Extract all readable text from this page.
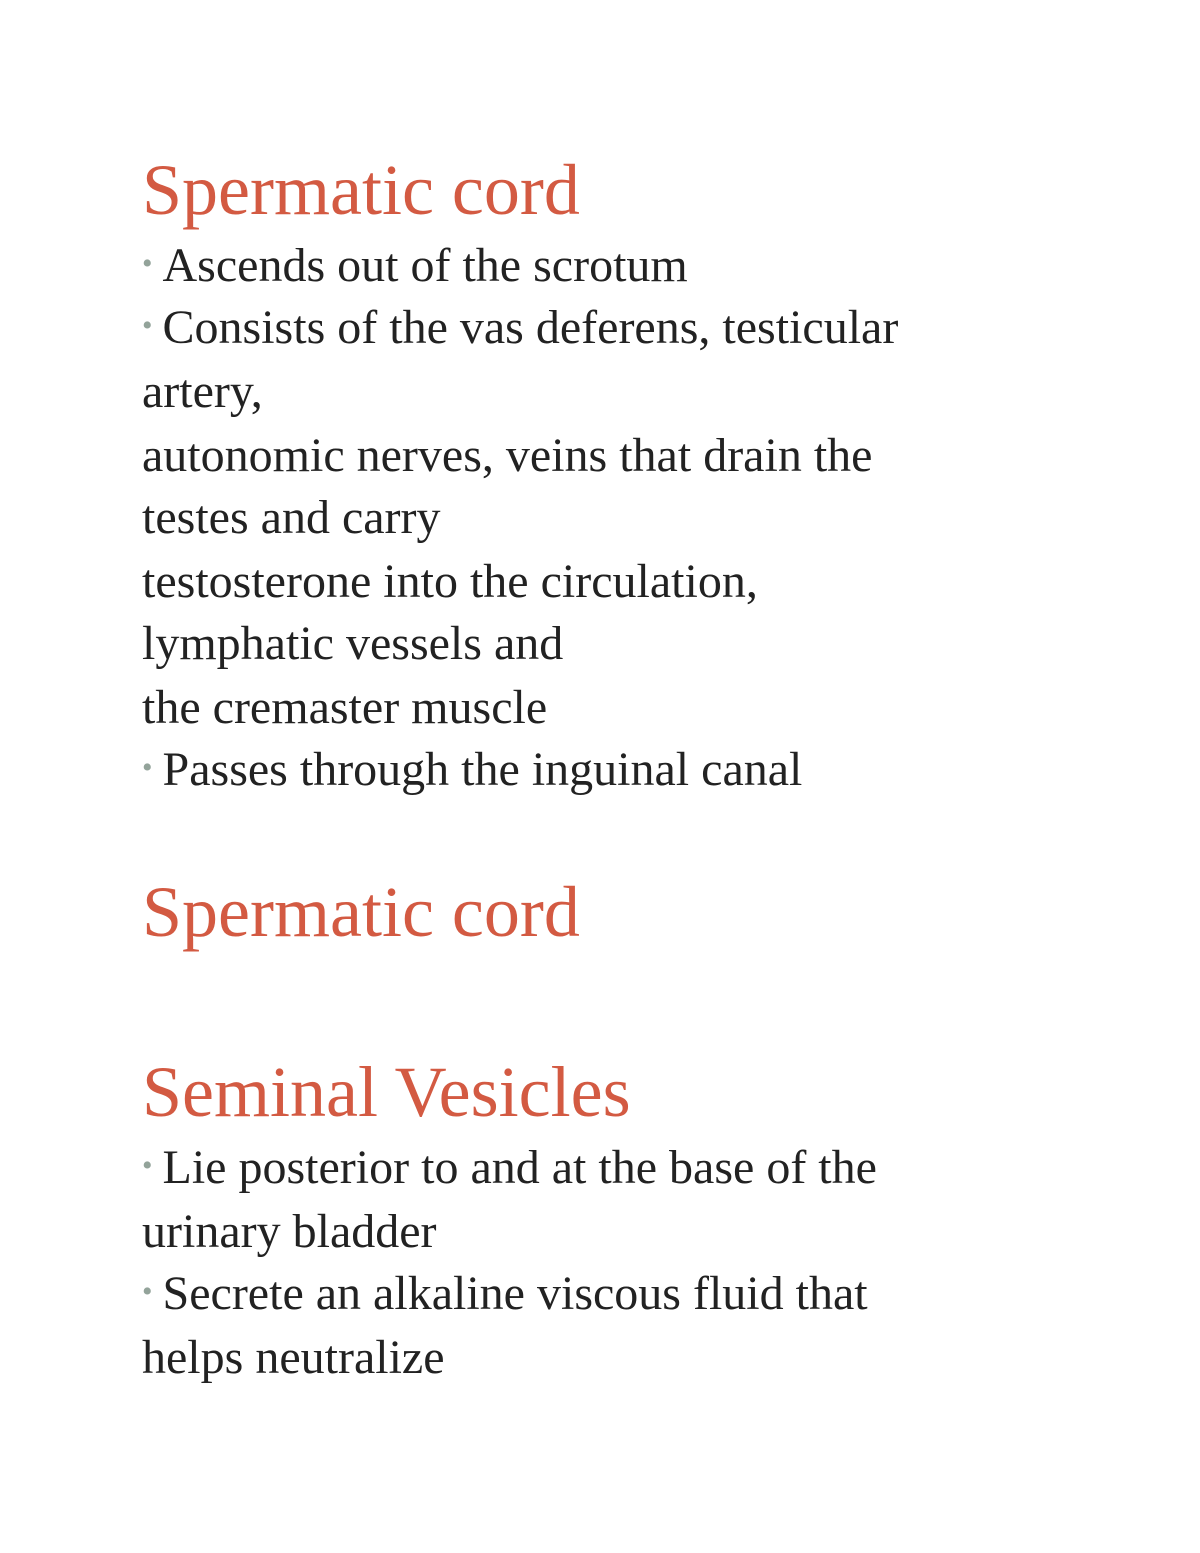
Spermatic cord
• Ascends out of the scrotum
• Consists of the vas deferens, testicular
artery,
autonomic nerves, veins that drain the
testes and carry
testosterone into the circulation,
lymphatic vessels and
the cremaster muscle
• Passes through the inguinal canal
Spermatic cord
Seminal Vesicles
• Lie posterior to and at the base of the
urinary bladder
• Secrete an alkaline viscous fluid that
helps neutralize
